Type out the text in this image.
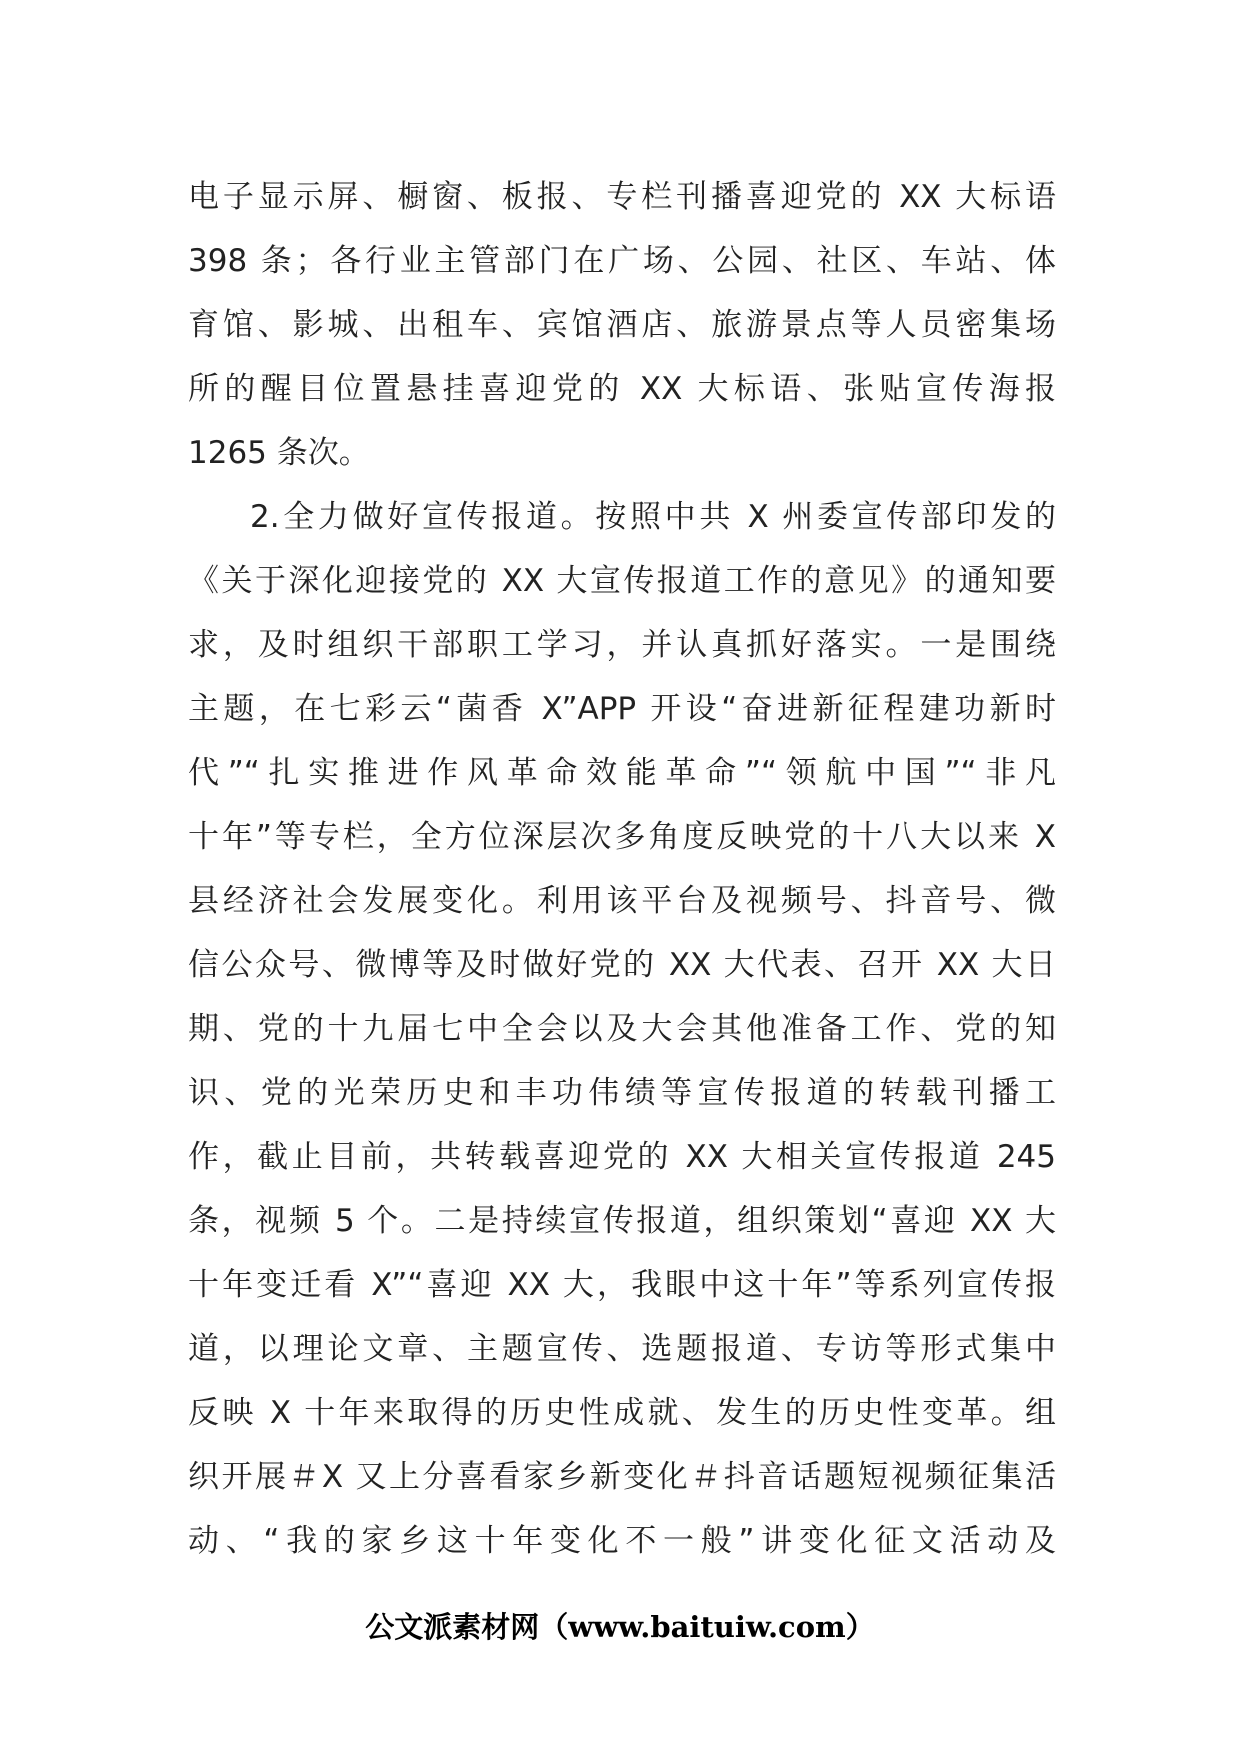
电子显示屏、橱窗、板报、专栏刊播喜迎党的 XX 大标语
398 条；各行业主管部门在广场、公园、社区、车站、体
育馆、影城、出租车、宾馆酒店、旅游景点等人员密集场
所的醒目位置悬挂喜迎党的 XX 大标语、张贴宣传海报
1265 条次。
2.全力做好宣传报道。按照中共 X 州委宣传部印发的
《关于深化迎接党的 XX 大宣传报道工作的意见》的通知要
求，及时组织干部职工学习，并认真抓好落实。一是围绕
主题，在七彩云“菌香 X”APP 开设“奋进新征程建功新时
代”“扎实推进作风革命效能革命”“领航中国”“非凡
十年”等专栏，全方位深层次多角度反映党的十八大以来 X
县经济社会发展变化。利用该平台及视频号、抖音号、微
信公众号、微博等及时做好党的 XX 大代表、召开 XX 大日
期、党的十九届七中全会以及大会其他准备工作、党的知
识、党的光荣历史和丰功伟绩等宣传报道的转载刊播工
作，截止目前，共转载喜迎党的 XX 大相关宣传报道 245
条，视频 5 个。二是持续宣传报道，组织策划“喜迎 XX 大
十年变迁看 X”“喜迎 XX 大，我眼中这十年”等系列宣传报
道，以理论文章、主题宣传、选题报道、专访等形式集中
反映 X 十年来取得的历史性成就、发生的历史性变革。组
织开展＃X 又上分喜看家乡新变化＃抖音话题短视频征集活
动、“我的家乡这十年变化不一般”讲变化征文活动及
公文派素材网（www.baituiw.com）
